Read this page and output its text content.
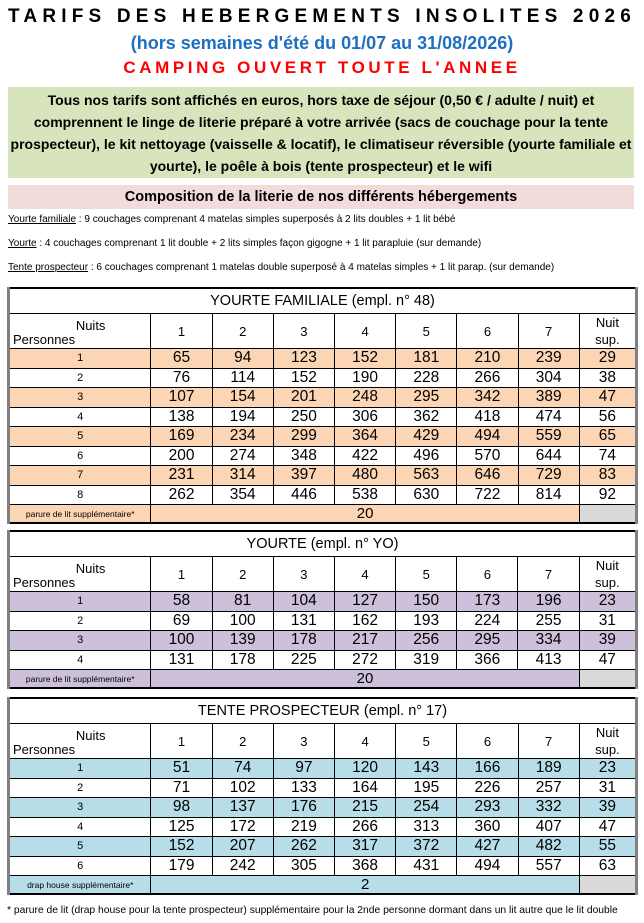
TARIFS DES HEBERGEMENTS INSOLITES 2026
(hors semaines d'été du 01/07 au 31/08/2026)
CAMPING OUVERT TOUTE L'ANNEE
Tous nos tarifs sont affichés en euros, hors taxe de séjour (0,50 € / adulte / nuit) et comprennent le linge de literie préparé à votre arrivée (sacs de couchage pour la tente prospecteur), le kit nettoyage (vaisselle & locatif), le climatiseur réversible (yourte familiale et yourte), le poêle à bois (tente prospecteur) et le wifi
Composition de la literie de nos différents hébergements
Yourte familiale : 9 couchages comprenant 4 matelas simples superposés à 2 lits doubles + 1 lit bébé
Yourte : 4 couchages comprenant 1 lit double + 2 lits simples façon gigogne + 1 lit parapluie (sur demande)
Tente prospecteur : 6 couchages comprenant 1 matelas double superposé à 4 matelas simples + 1 lit parap. (sur demande)
YOURTE FAMILIALE (empl. n° 48)								

Nuits
Personnes	1	2	3	4	5	6	7	Nuit
sup.
1	65	94	123	152	181	210	239	29
2	76	114	152	190	228	266	304	38
3	107	154	201	248	295	342	389	47
4	138	194	250	306	362	418	474	56
5	169	234	299	364	429	494	559	65
6	200	274	348	422	496	570	644	74
7	231	314	397	480	563	646	729	83
8	262	354	446	538	630	722	814	92
parure de lit supplémentaire*	20							
YOURTE (empl. n° YO)								

Nuits
Personnes	1	2	3	4	5	6	7	Nuit
sup.
1	58	81	104	127	150	173	196	23
2	69	100	131	162	193	224	255	31
3	100	139	178	217	256	295	334	39
4	131	178	225	272	319	366	413	47
parure de lit supplémentaire*	20							
TENTE PROSPECTEUR (empl. n° 17)								

Nuits
Personnes	1	2	3	4	5	6	7	Nuit
sup.
1	51	74	97	120	143	166	189	23
2	71	102	133	164	195	226	257	31
3	98	137	176	215	254	293	332	39
4	125	172	219	266	313	360	407	47
5	152	207	262	317	372	427	482	55
6	179	242	305	368	431	494	557	63
drap house supplémentaire*	2							
* parure de lit (drap house pour la tente prospecteur) supplémentaire pour la 2nde personne dormant dans un lit autre que le lit double
